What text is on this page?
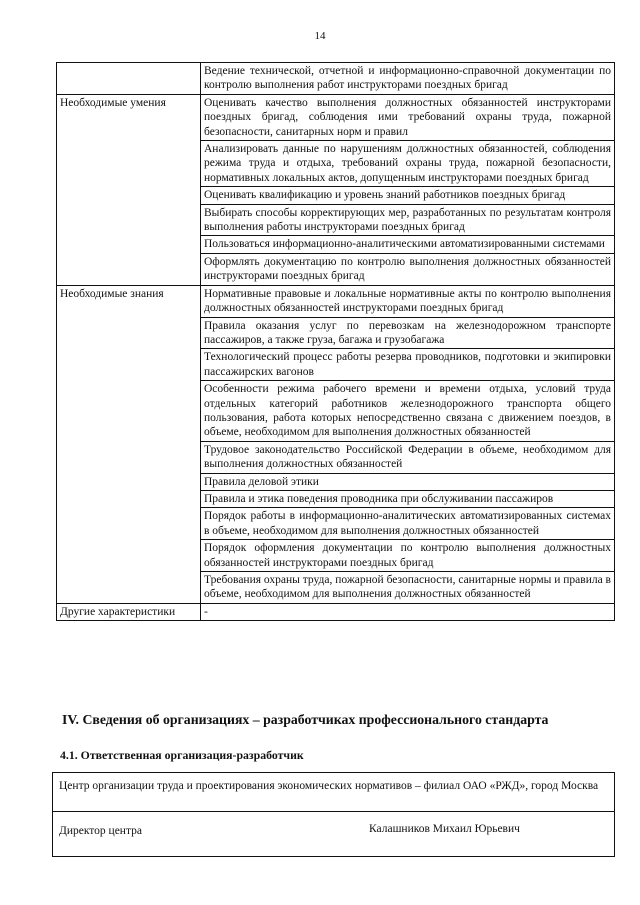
14
	Ведение технической, отчетной и информационно-справочной документации по контролю выполнения работ инструкторами поездных бригад
Необходимые умения	Оценивать качество выполнения должностных обязанностей инструкторами поездных бригад, соблюдения ими требований охраны труда, пожарной безопасности, санитарных норм и правил
	Анализировать данные по нарушениям должностных обязанностей, соблюдения режима труда и отдыха, требований охраны труда, пожарной безопасности, нормативных локальных актов, допущенным инструкторами поездных бригад
	Оценивать квалификацию и уровень знаний работников поездных бригад
	Выбирать способы корректирующих мер, разработанных по результатам контроля выполнения работы инструкторами поездных бригад
	Пользоваться информационно-аналитическими автоматизированными системами
	Оформлять документацию по контролю выполнения должностных обязанностей инструкторами поездных бригад
Необходимые знания	Нормативные правовые и локальные нормативные акты по контролю выполнения должностных обязанностей инструкторами поездных бригад
	Правила оказания услуг по перевозкам на железнодорожном транспорте пассажиров, а также груза, багажа и грузобагажа
	Технологический процесс работы резерва проводников, подготовки и экипировки пассажирских вагонов
	Особенности режима рабочего времени и времени отдыха, условий труда отдельных категорий работников железнодорожного транспорта общего пользования, работа которых непосредственно связана с движением поездов, в объеме, необходимом для выполнения должностных обязанностей
	Трудовое законодательство Российской Федерации в объеме, необходимом для выполнения должностных обязанностей
	Правила деловой этики
	Правила и этика поведения проводника при обслуживании пассажиров
	Порядок работы в информационно-аналитических автоматизированных системах в объеме, необходимом для выполнения должностных обязанностей
	Порядок оформления документации по контролю выполнения должностных обязанностей инструкторами поездных бригад
	Требования охраны труда, пожарной безопасности, санитарные нормы и правила в объеме, необходимом для выполнения должностных обязанностей
Другие характеристики	-
IV. Сведения об организациях – разработчиках профессионального стандарта
4.1. Ответственная организация-разработчик
Центр организации труда и проектирования экономических нормативов – филиал ОАО «РЖД», город Москва

Директор центра	Калашников Михаил Юрьевич
